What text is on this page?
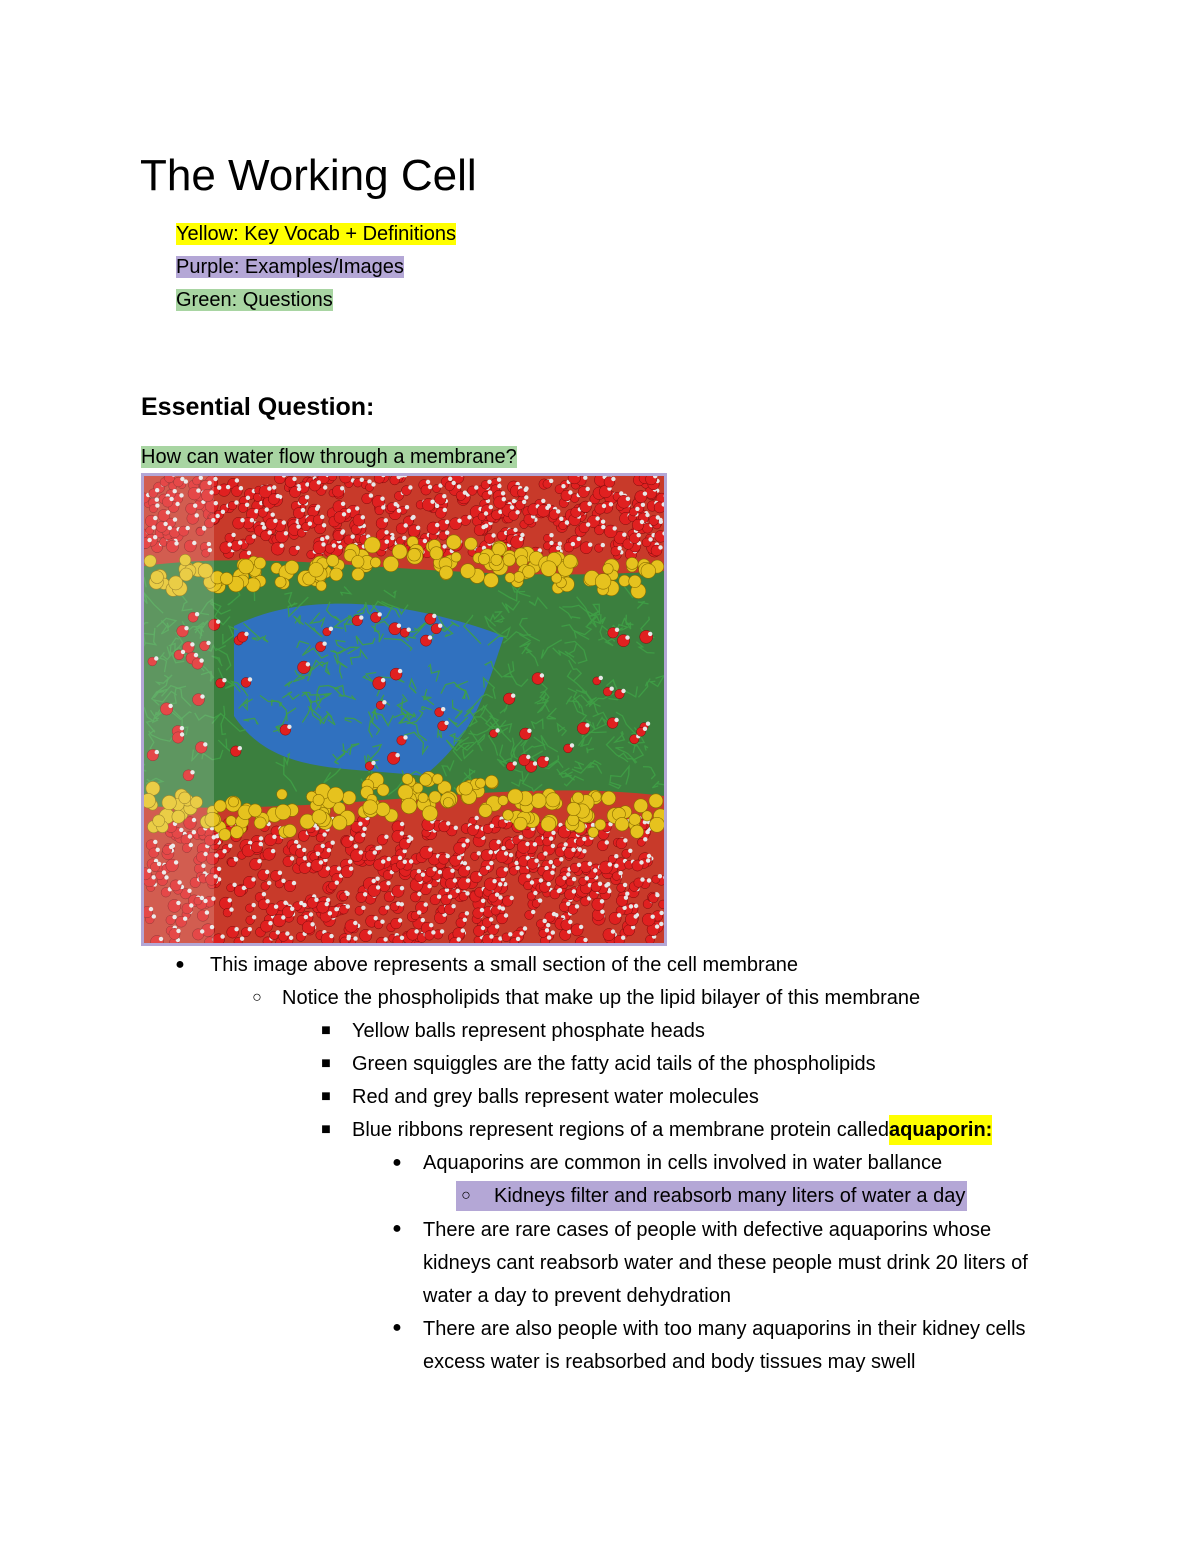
The Working Cell
Yellow: Key Vocab + Definitions
Purple: Examples/Images
Green: Questions
Essential Question:

How can water flow through a membrane?

● This image above represents a small section of the cell membrane
○ Notice the phospholipids that make up the lipid bilayer of this membrane
■ Yellow balls represent phosphate heads
■ Green squiggles are the fatty acid tails of the phospholipids
■ Red and grey balls represent water molecules
■ Blue ribbons represent regions of a membrane protein calledaquaporin:
● Aquaporins are common in cells involved in water ballance
○ Kidneys filter and reabsorb many liters of water a day
● There are rare cases of people with defective aquaporins whose kidneys cant reabsorb water and these people must drink 20 liters of water a day to prevent dehydration
● There are also people with too many aquaporins in their kidney cells excess water is reabsorbed and body tissues may swell
